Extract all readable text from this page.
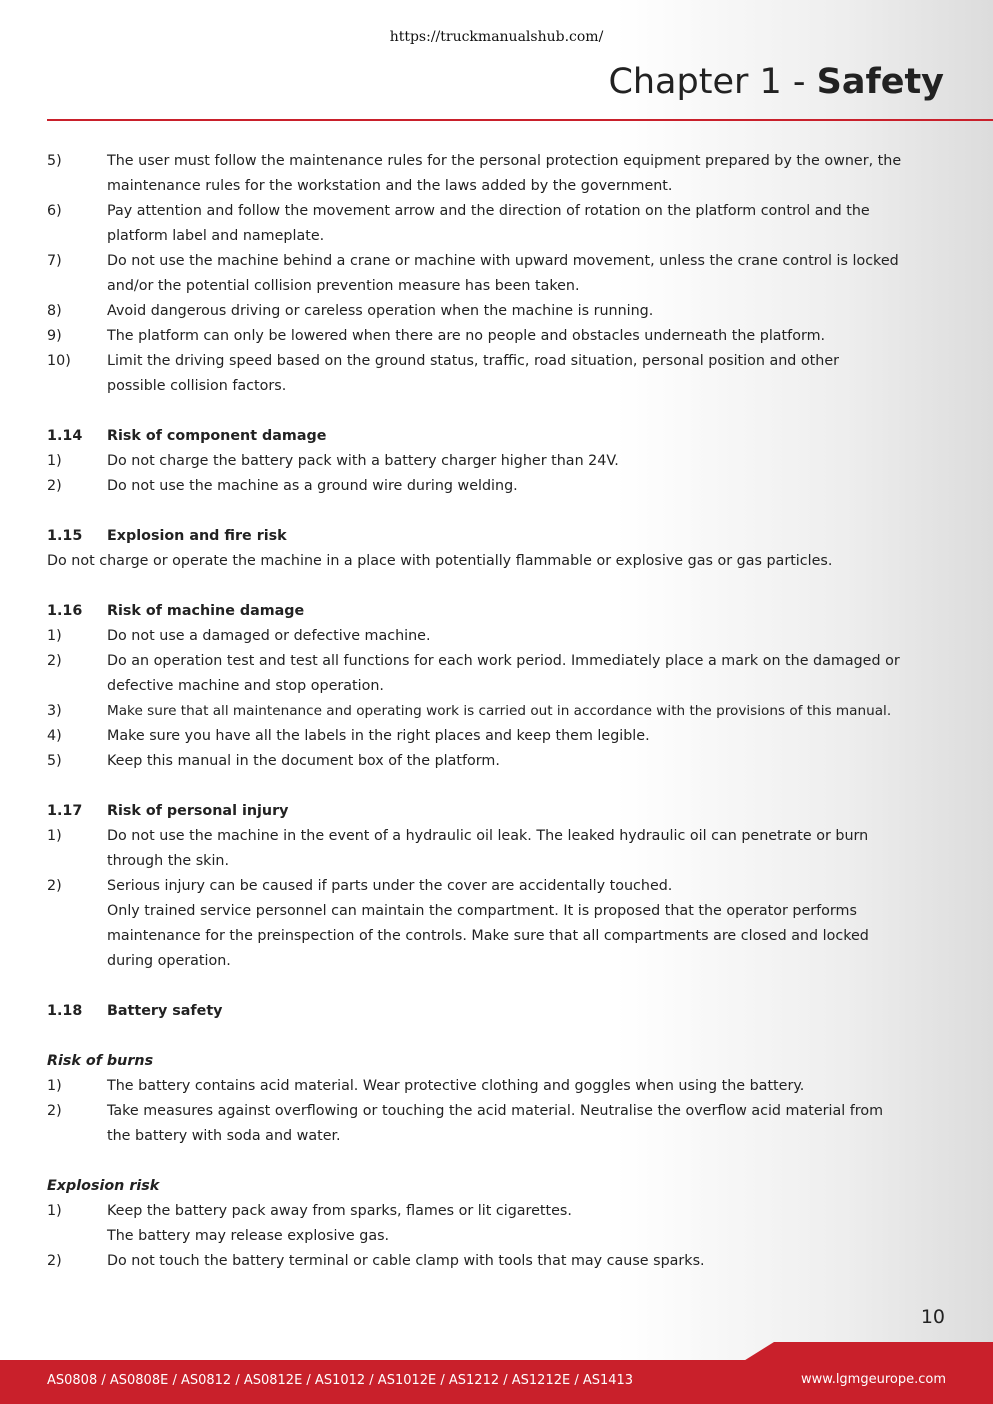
https://truckmanualshub.com/
Chapter 1 - Safety
5)	The user must follow the maintenance rules for the personal protection equipment prepared by the owner, the
maintenance rules for the workstation and the laws added by the government.
6)	Pay attention and follow the movement arrow and the direction of rotation on the platform control and the
platform label and nameplate.
7)	Do not use the machine behind a crane or machine with upward movement, unless the crane control is locked
and/or the potential collision prevention measure has been taken.
8)	Avoid dangerous driving or careless operation when the machine is running.
9)	The platform can only be lowered when there are no people and obstacles underneath the platform.
10)	Limit the driving speed based on the ground status, traffic, road situation, personal position and other
possible collision factors.
1.14	Risk of component damage
1)	Do not charge the battery pack with a battery charger higher than 24V.
2)	Do not use the machine as a ground wire during welding.
1.15	Explosion and fire risk
Do not charge or operate the machine in a place with potentially flammable or explosive gas or gas particles.
1.16	Risk of machine damage
1)	Do not use a damaged or defective machine.
2)	Do an operation test and test all functions for each work period. Immediately place a mark on the damaged or
defective machine and stop operation.
3)	Make sure that all maintenance and operating work is carried out in accordance with the provisions of this manual.
4)	Make sure you have all the labels in the right places and keep them legible.
5)	Keep this manual in the document box of the platform.
1.17	Risk of personal injury
1)	Do not use the machine in the event of a hydraulic oil leak. The leaked hydraulic oil can penetrate or burn
through the skin.
2)	Serious injury can be caused if parts under the cover are accidentally touched.
Only trained service personnel can maintain the compartment. It is proposed that the operator performs
maintenance for the preinspection of the controls. Make sure that all compartments are closed and locked
during operation.
1.18	Battery safety
Risk of burns
1)	The battery contains acid material. Wear protective clothing and goggles when using the battery.
2)	Take measures against overflowing or touching the acid material. Neutralise the overflow acid material from
the battery with soda and water.
Explosion risk
1)	Keep the battery pack away from sparks, flames or lit cigarettes.
The battery may release explosive gas.
2)	Do not touch the battery terminal or cable clamp with tools that may cause sparks.
10
AS0808 / AS0808E / AS0812 / AS0812E / AS1012 / AS1012E / AS1212 / AS1212E / AS1413	www.lgmgeurope.com
